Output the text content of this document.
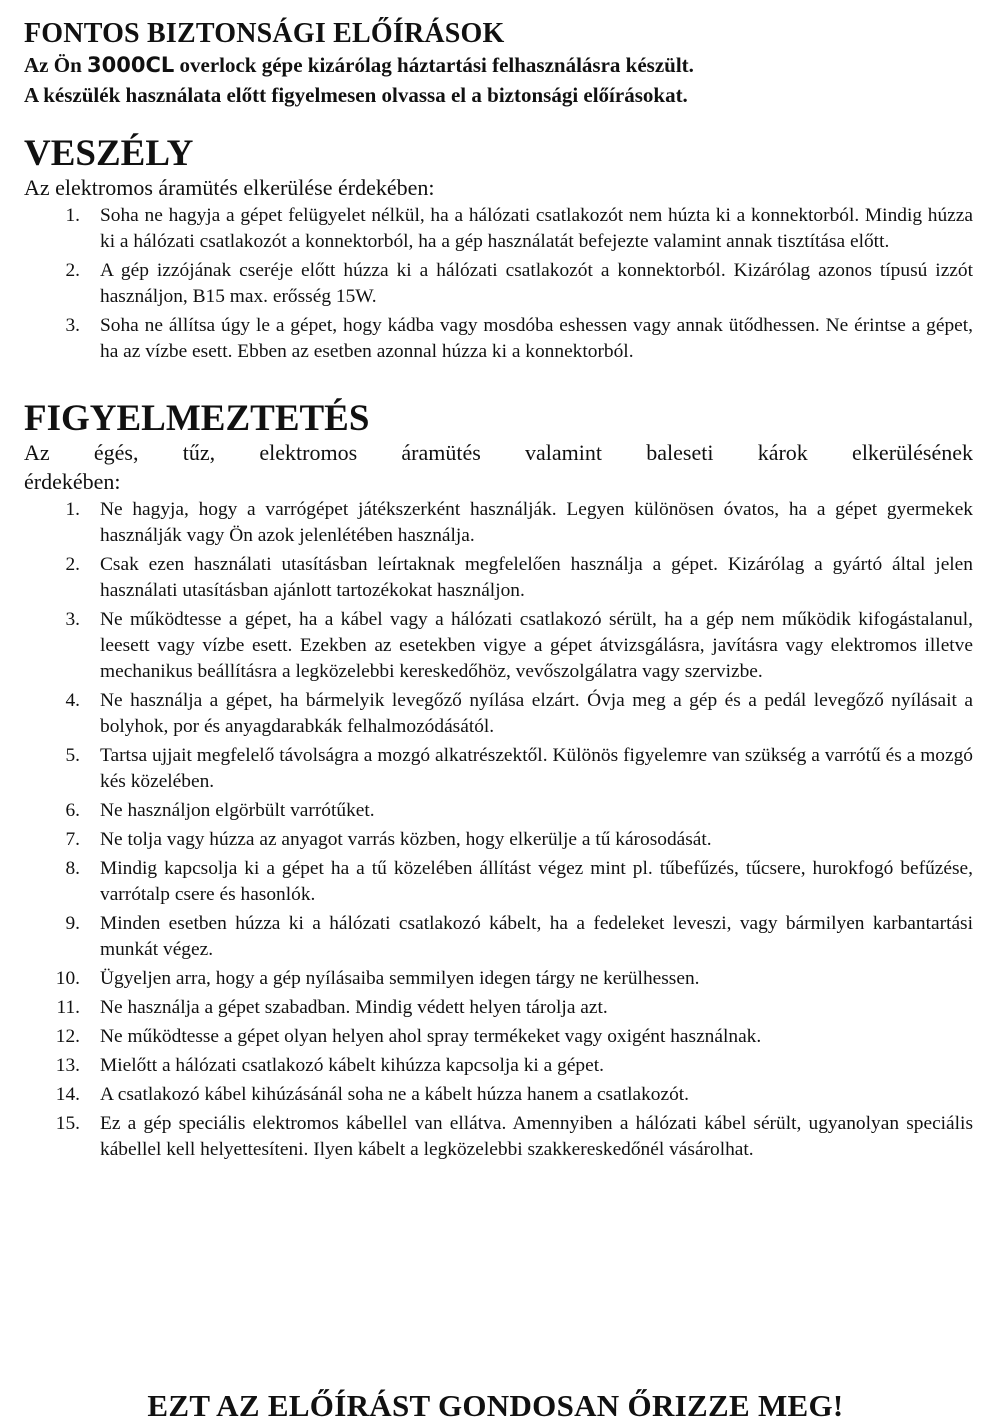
FONTOS BIZTONSÁGI ELŐÍRÁSOK

Az Ön 3000CL overlock gépe kizárólag háztartási felhasználásra készült.

A készülék használata előtt figyelmesen olvassa el a biztonsági előírásokat.

VESZÉLY

Az elektromos áramütés elkerülése érdekében:

1.	Soha ne hagyja a gépet felügyelet nélkül, ha a hálózati csatlakozót nem húzta ki a konnektorból. Mindig húzza ki a hálózati csatlakozót a konnektorból, ha a gép használatát befejezte valamint annak tisztítása előtt.
2.	A gép izzójának cseréje előtt húzza ki a hálózati csatlakozót a konnektorból. Kizárólag azonos típusú izzót használjon, B15 max. erősség 15W.
3.	Soha ne állítsa úgy le a gépet, hogy kádba vagy mosdóba eshessen vagy annak ütődhessen. Ne érintse a gépet, ha az vízbe esett. Ebben az esetben azonnal húzza ki a konnektorból.
FIGYELMEZTETÉS

Az égés, tűz, elektromos áramütés valamint baleseti károk elkerülésének

érdekében:

1.	Ne hagyja, hogy a varrógépet játékszerként használják. Legyen különösen óvatos, ha a gépet gyermekek használják vagy Ön azok jelenlétében használja.
2.	Csak ezen használati utasításban leírtaknak megfelelően használja a gépet. Kizárólag a gyártó által jelen használati utasításban ajánlott tartozékokat használjon.
3.	Ne működtesse a gépet, ha a kábel vagy a hálózati csatlakozó sérült, ha a gép nem működik kifogástalanul, leesett vagy vízbe esett. Ezekben az esetekben vigye a gépet átvizsgálásra, javításra vagy elektromos illetve mechanikus beállításra a legközelebbi kereskedőhöz, vevőszolgálatra vagy szervizbe.
4.	Ne használja a gépet, ha bármelyik levegőző nyílása elzárt. Óvja meg a gép és a pedál levegőző nyílásait a bolyhok, por és anyagdarabkák felhalmozódásától.
5.	Tartsa ujjait megfelelő távolságra a mozgó alkatrészektől. Különös figyelemre van szükség a varrótű és a mozgó kés közelében.
6.	Ne használjon elgörbült varrótűket.
7.	Ne tolja vagy húzza az anyagot varrás közben, hogy elkerülje a tű károsodását.
8.	Mindig kapcsolja ki a gépet ha a tű közelében állítást végez mint pl. tűbefűzés, tűcsere, hurokfogó befűzése, varrótalp csere és hasonlók.
9.	Minden esetben húzza ki a hálózati csatlakozó kábelt, ha a fedeleket leveszi, vagy bármilyen karbantartási munkát végez.
10.	Ügyeljen arra, hogy a gép nyílásaiba semmilyen idegen tárgy ne kerülhessen.
11.	Ne használja a gépet szabadban. Mindig védett helyen tárolja azt.
12.	Ne működtesse a gépet olyan helyen ahol spray termékeket vagy oxigént használnak.
13.	Mielőtt a hálózati csatlakozó kábelt kihúzza kapcsolja ki a gépet.
14.	A csatlakozó kábel kihúzásánál soha ne a kábelt húzza hanem a csatlakozót.
15.	Ez a gép speciális elektromos kábellel van ellátva. Amennyiben a hálózati kábel sérült, ugyanolyan speciális kábellel kell helyettesíteni. Ilyen kábelt a legközelebbi szakkereskedőnél vásárolhat.
EZT AZ ELŐÍRÁST GONDOSAN ŐRIZZE MEG!
